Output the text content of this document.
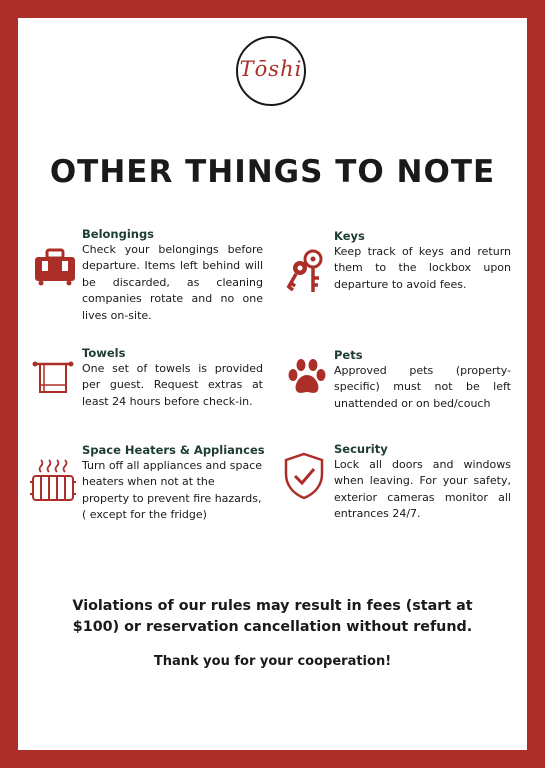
Tōshi
OTHER THINGS TO NOTE
Belongings
Check your belongings before departure. Items left behind will be discarded, as cleaning companies rotate and no one lives on-site.
Keys
Keep track of keys and return them to the lockbox upon departure to avoid fees.
Towels
One set of towels is provided per guest. Request extras at least 24 hours before check-in.
Pets
Approved pets (property-specific) must not be left unattended or on bed/couch
Space Heaters & Appliances
Turn off all appliances and space heaters when not at the property to prevent fire hazards, ( except for the fridge)
Security
Lock all doors and windows when leaving. For your safety, exterior cameras monitor all entrances 24/7.
Violations of our rules may result in fees (start at
$100) or reservation cancellation without refund.
Thank you for your cooperation!
